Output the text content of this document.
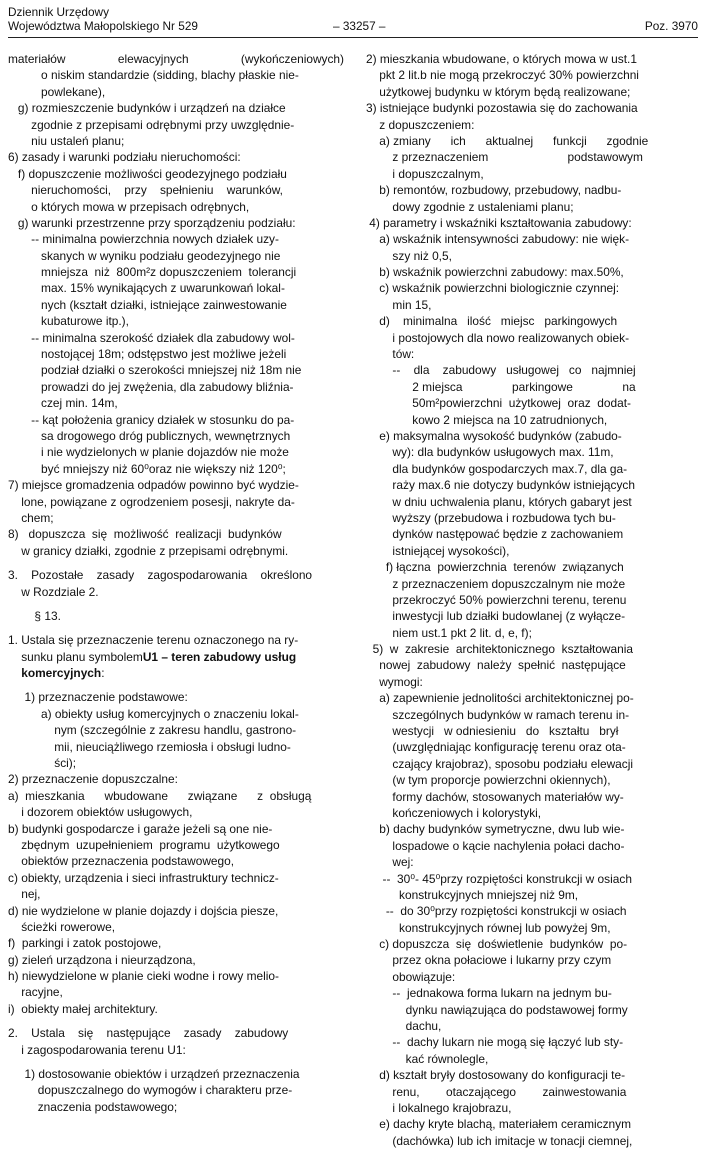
Dziennik Urzędowy
Województwa Małopolskiego Nr 529	– 33257 –	Poz. 3970
materiałów elewacyjnych (wykończeniowych)
o niskim standardzie (sidding, blachy płaskie nie-
powlekane),
g) rozmieszczenie budynków i urządzeń na działce
zgodnie z przepisami odrębnymi przy uwzględnie-
niu ustaleń planu;
6) zasady i warunki podziału nieruchomości:
f) dopuszczenie możliwości geodezyjnego podziału
nieruchomości,    przy    spełnieniu    warunków,
o których mowa w przepisach odrębnych,
g) warunki przestrzenne przy sporządzeniu podziału:
-- minimalna powierzchnia nowych działek uzy-
skanych w wyniku podziału geodezyjnego nie
mniejsza  niż  800m²z dopuszczeniem  tolerancji
max. 15% wynikających z uwarunkowań lokal-
nych (kształt działki, istniejące zainwestowanie
kubaturowe itp.),
-- minimalna szerokość działek dla zabudowy wol-
nostojącej 18m; odstępstwo jest możliwe jeżeli
podział działki o szerokości mniejszej niż 18m nie
prowadzi do jej zwężenia, dla zabudowy bliźnia-
czej min. 14m,
-- kąt położenia granicy działek w stosunku do pa-
sa drogowego dróg publicznych, wewnętrznych
i nie wydzielonych w planie dojazdów nie może
być mniejszy niż 60⁰oraz nie większy niż 120⁰;
7) miejsce gromadzenia odpadów powinno być wydzie-
lone, powiązane z ogrodzeniem posesji, nakryte da-
chem;
8)   dopuszcza  się  możliwość  realizacji  budynków
w granicy działki, zgodnie z przepisami odrębnymi.
3.    Pozostałe    zasady    zagospodarowania    określono
w Rozdziale 2.
§ 13.
1. Ustala się przeznaczenie terenu oznaczonego na ry-
sunku planu symbolemU1 – teren zabudowy usług
komercyjnych:
1) przeznaczenie podstawowe:
a) obiekty usług komercyjnych o znaczeniu lokal-
nym (szczególnie z zakresu handlu, gastrono-
mii, nieuciążliwego rzemiosła i obsługi ludno-
ści);
2) przeznaczenie dopuszczalne:
a)  mieszkania      wbudowane      związane      z  obsługą
i dozorem obiektów usługowych,
b) budynki gospodarcze i garaże jeżeli są one nie-
zbędnym  uzupełnieniem  programu  użytkowego
obiektów przeznaczenia podstawowego,
c) obiekty, urządzenia i sieci infrastruktury technicz-
nej,
d) nie wydzielone w planie dojazdy i dojścia piesze,
ścieżki rowerowe,
f)  parkingi i zatok postojowe,
g) zieleń urządzona i nieurządzona,
h) niewydzielone w planie cieki wodne i rowy melio-
racyjne,
i)  obiekty małej architektury.
2.    Ustala    się    następujące    zasady    zabudowy
i zagospodarowania terenu U1:
1) dostosowanie obiektów i urządzeń przeznaczenia
dopuszczalnego do wymogów i charakteru prze-
znaczenia podstawowego;
2) mieszkania wbudowane, o których mowa w ust.1
pkt 2 lit.b nie mogą przekroczyć 30% powierzchni
użytkowej budynku w którym będą realizowane;
3) istniejące budynki pozostawia się do zachowania
z dopuszczeniem:
a) zmiany      ich      aktualnej      funkcji      zgodnie
z przeznaczeniem                        podstawowym
i dopuszczalnym,
b) remontów, rozbudowy, przebudowy, nadbu-
dowy zgodnie z ustaleniami planu;
4) parametry i wskaźniki kształtowania zabudowy:
a) wskaźnik intensywności zabudowy: nie więk-
szy niż 0,5,
b) wskaźnik powierzchni zabudowy: max.50%,
c) wskaźnik powierzchni biologicznie czynnej:
min 15,
d)    minimalna   ilość   miejsc   parkingowych
i postojowych dla nowo realizowanych obiek-
tów:
--    dla    zabudowy   usługowej   co   najmniej
2 miejsca               parkingowe               na
50m²powierzchni  użytkowej  oraz  dodat-
kowo 2 miejsca na 10 zatrudnionych,
e) maksymalna wysokość budynków (zabudo-
wy): dla budynków usługowych max. 11m,
dla budynków gospodarczych max.7, dla ga-
raży max.6 nie dotyczy budynków istniejących
w dniu uchwalenia planu, których gabaryt jest
wyższy (przebudowa i rozbudowa tych bu-
dynków następować będzie z zachowaniem
istniejącej wysokości),
f) łączna  powierzchnia  terenów  związanych
z przeznaczeniem dopuszczalnym nie może
przekroczyć 50% powierzchni terenu, terenu
inwestycji lub działki budowlanej (z wyłącze-
niem ust.1 pkt 2 lit. d, e, f);
5)  w  zakresie  architektonicznego  kształtowania
nowej  zabudowy  należy  spełnić  następujące
wymogi:
a) zapewnienie jednolitości architektonicznej po-
szczególnych budynków w ramach terenu in-
westycji   w odniesieniu   do   kształtu   brył
(uwzględniając konfigurację terenu oraz ota-
czający krajobraz), sposobu podziału elewacji
(w tym proporcje powierzchni okiennych),
formy dachów, stosowanych materiałów wy-
kończeniowych i kolorystyki,
b) dachy budynków symetryczne, dwu lub wie-
lospadowe o kącie nachylenia połaci dacho-
wej:
--  30⁰- 45⁰przy rozpiętości konstrukcji w osiach
konstrukcyjnych mniejszej niż 9m,
--  do 30⁰przy rozpiętości konstrukcji w osiach
konstrukcyjnych równej lub powyżej 9m,
c) dopuszcza  się  doświetlenie  budynków  po-
przez okna połaciowe i lukarny przy czym
obowiązuje:
--  jednakowa forma lukarn na jednym bu-
dynku nawiązująca do podstawowej formy
dachu,
--  dachy lukarn nie mogą się łączyć lub sty-
kać równolegle,
d) kształt bryły dostosowany do konfiguracji te-
renu,        otaczającego        zainwestowania
i lokalnego krajobrazu,
e) dachy kryte blachą, materiałem ceramicznym
(dachówka) lub ich imitacje w tonacji ciemnej,
